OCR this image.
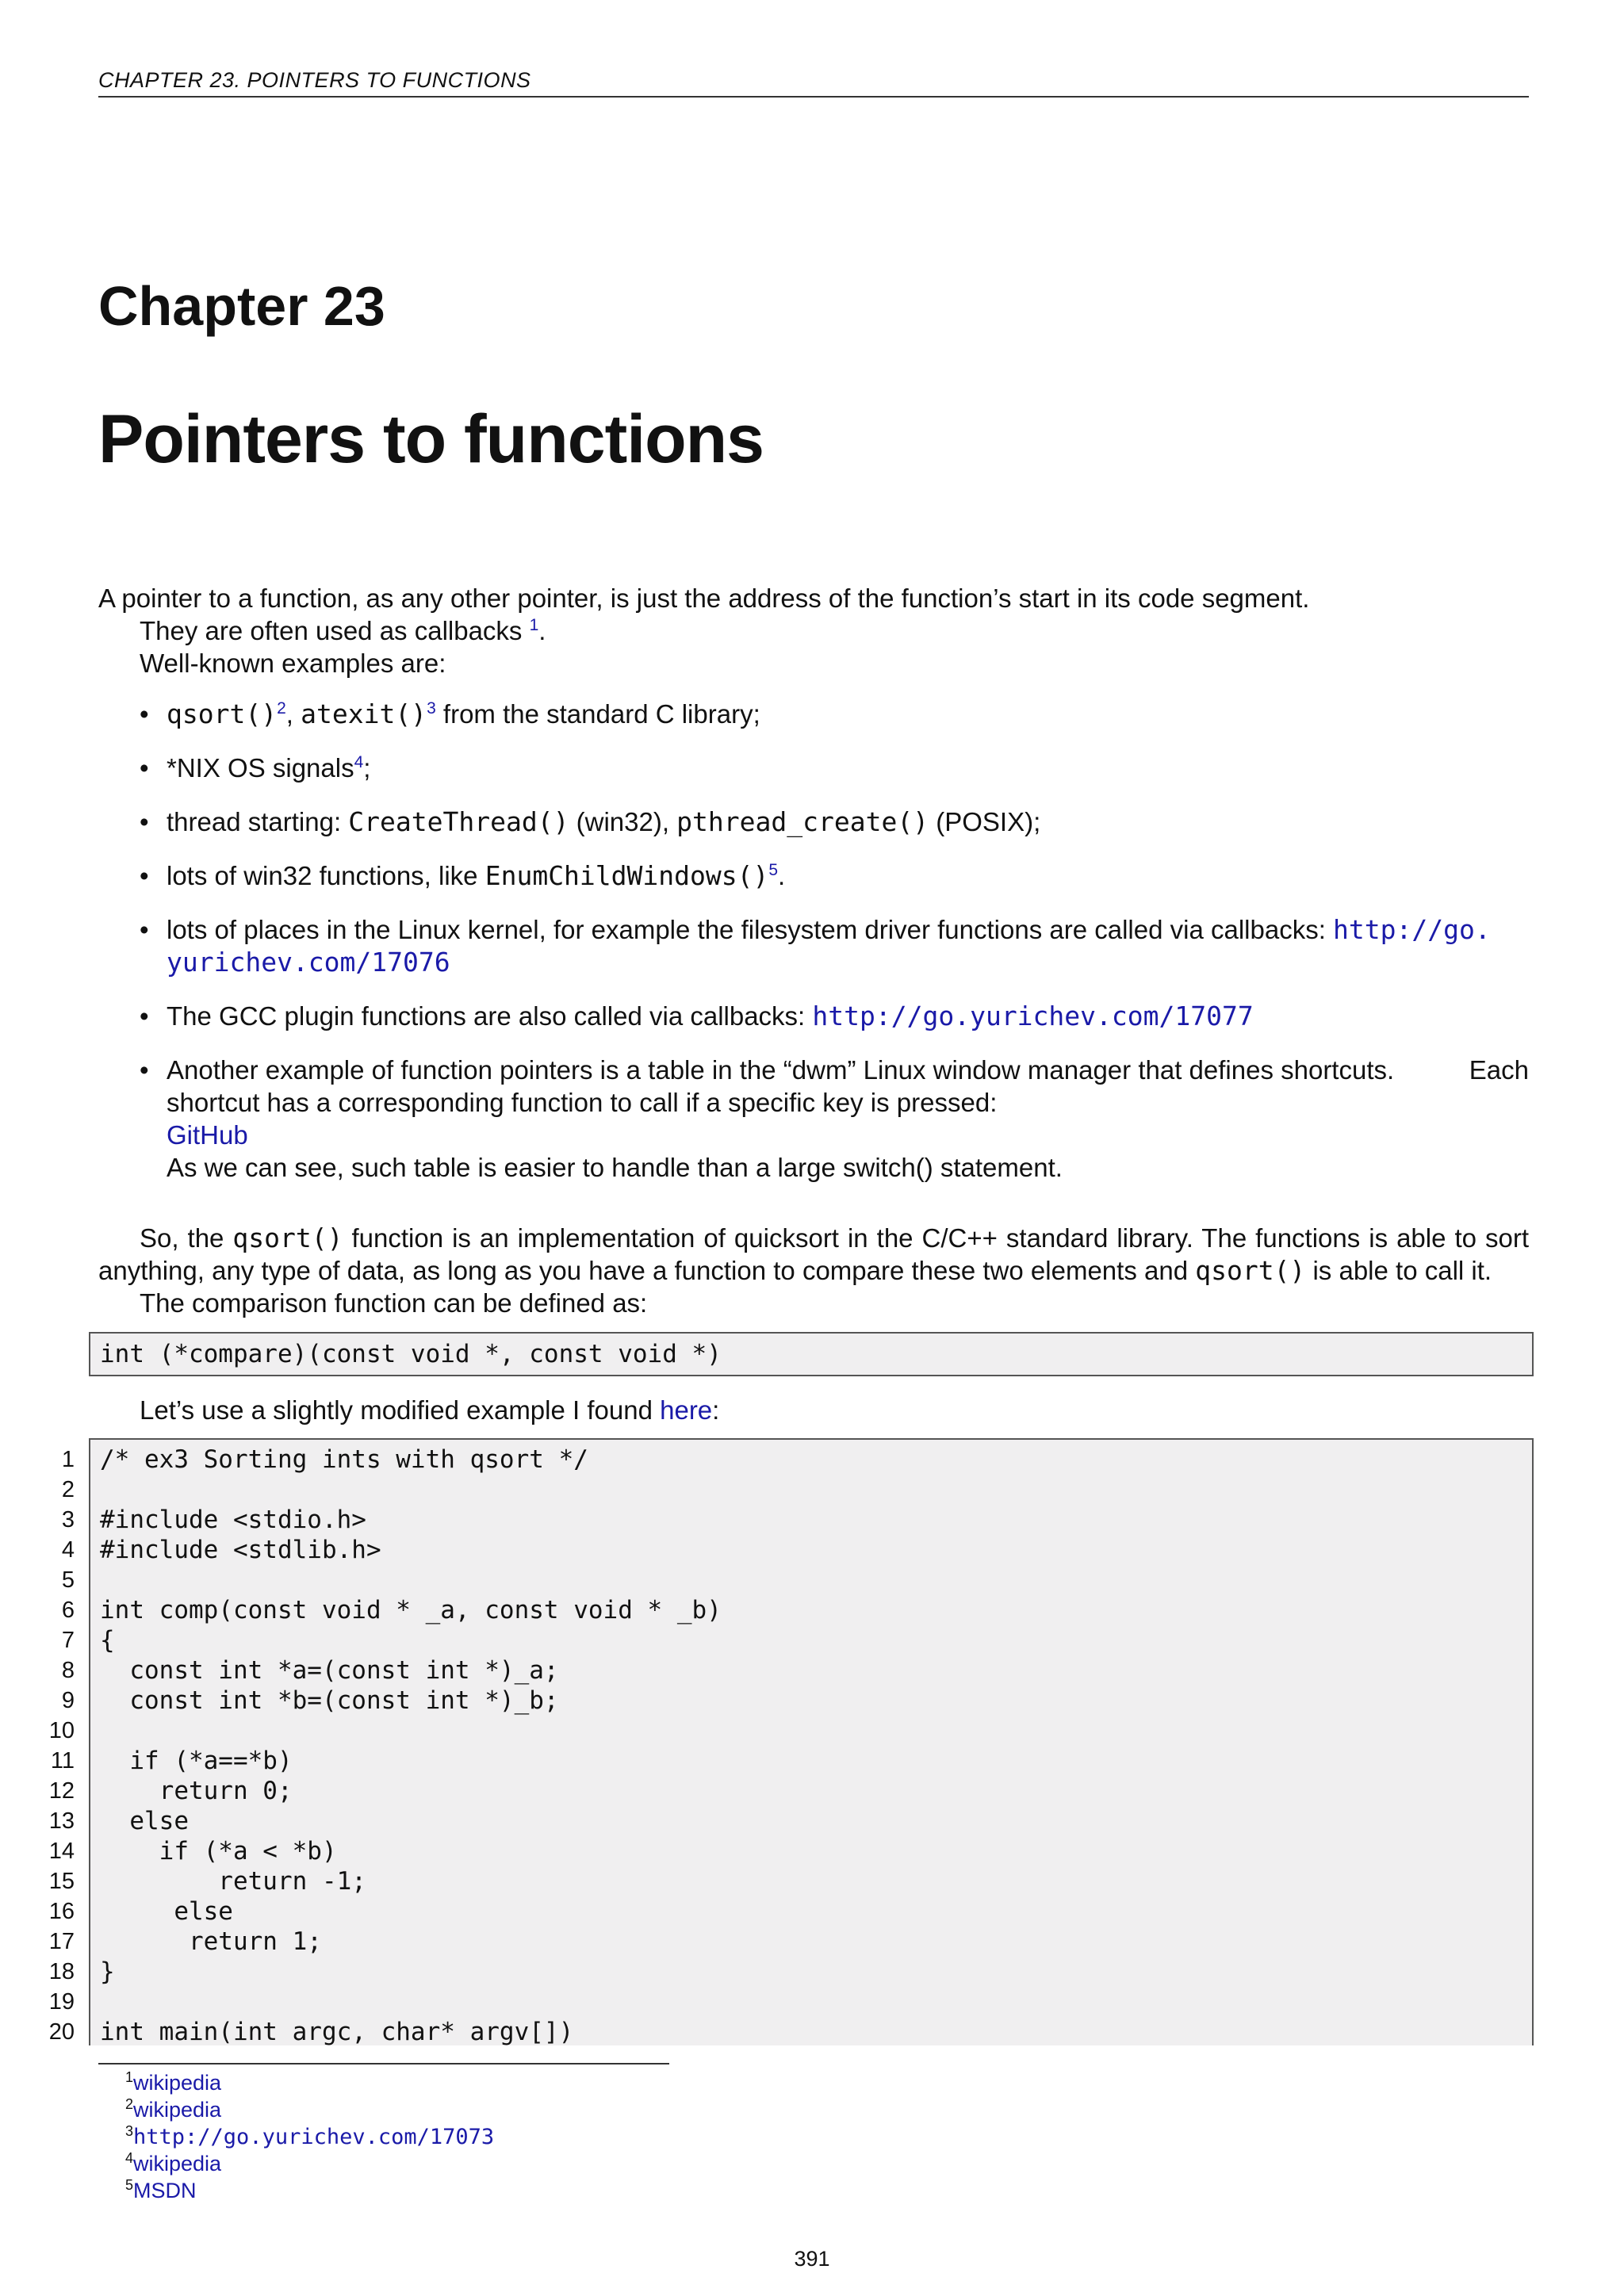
CHAPTER 23. POINTERS TO FUNCTIONS
Chapter 23
Pointers to functions

A pointer to a function, as any other pointer, is just the address of the function’s start in its code segment.

They are often used as callbacks $^1$.

Well-known examples are:

• qsort()$^2$, atexit()$^3$ from the standard C library;
• *NIX OS signals$^4$;
• thread starting: CreateThread() (win32), pthread_create() (POSIX);
• lots of win32 functions, like EnumChildWindows()$^5$.
• lots of places in the Linux kernel, for example the filesystem driver functions are called via callbacks: http://go.
yurichev.com/17076
• The GCC plugin functions are also called via callbacks: http://go.yurichev.com/17077
• Another example of function pointers is a table in the “dwm” Linux window manager that defines shortcuts.	Each

shortcut has a corresponding function to call if a specific key is pressed:
GitHub
As we can see, such table is easier to handle than a large switch() statement.

So, the qsort() function is an implementation of quicksort in the C/C++ standard library. The functions is able to sort

anything, any type of data, as long as you have a function to compare these two elements and qsort() is able to call it.

The comparison function can be defined as:

int (*compare)(const void *, const void *)

Let’s use a slightly modified example I found here:

1 /* ex3 Sorting ints with qsort */
2
3 #include <stdio.h>
4 #include <stdlib.h>
5
6 int comp(const void * _a, const void * _b)
7 {
8 const int *a=(const int *)_a;
9 const int *b=(const int *)_b;
10
11 if (*a==*b)
12 return 0;
13 else
14 if (*a < *b)
15 return -1;
16 else
17 return 1;
18 }
19
20 int main(int argc, char* argv[])
$^1$wikipedia
$^2$wikipedia
$^3$http://go.yurichev.com/17073
$^4$wikipedia
$^5$MSDN
391
